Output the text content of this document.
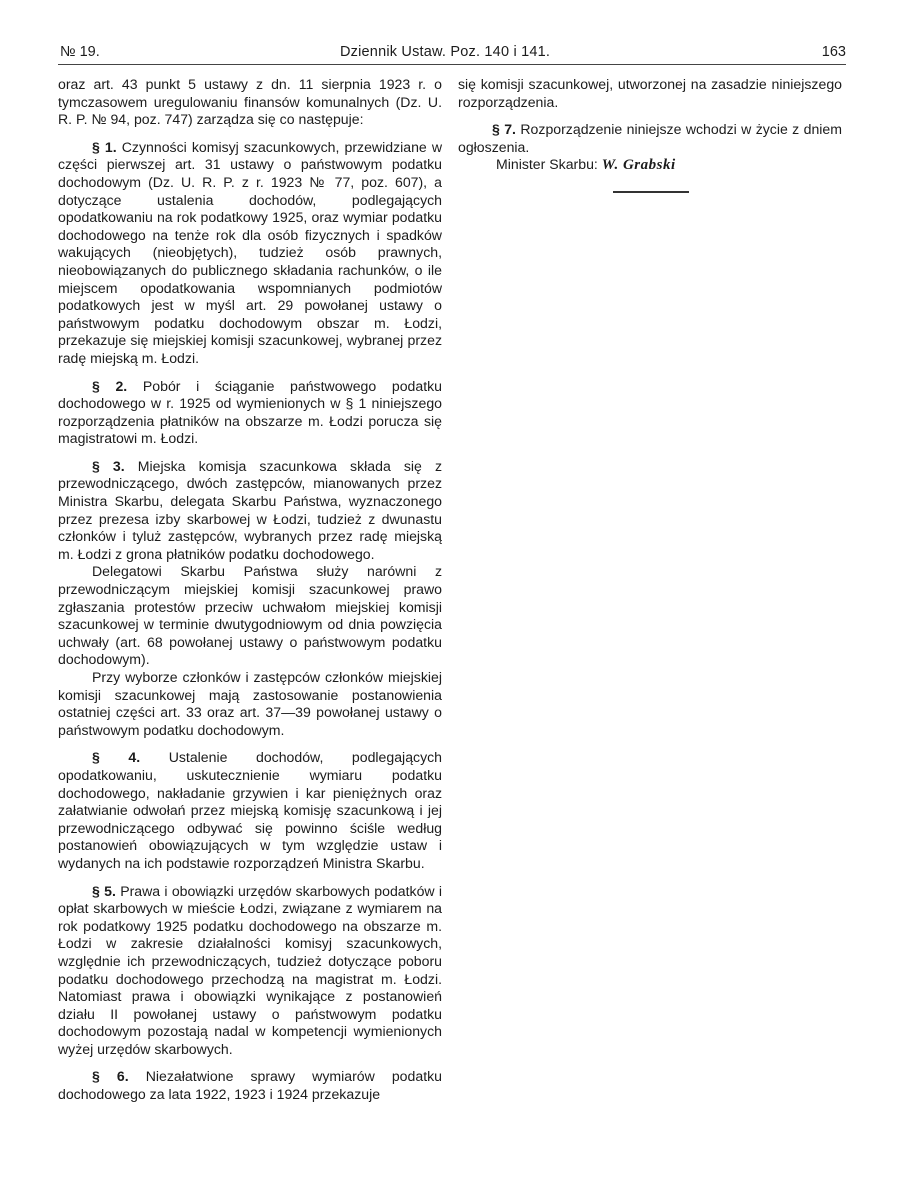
№ 19.	Dziennik Ustaw. Poz. 140 i 141.	163

oraz art. 43 punkt 5 ustawy z dn. 11 sierpnia 1923 r. o tymczasowem uregulowaniu finansów komunalnych (Dz. U. R. P. № 94, poz. 747) zarządza się co następuje:

§ 1. Czynności komisyj szacunkowych, przewidziane w części pierwszej art. 31 ustawy o państwowym podatku dochodowym (Dz. U. R. P. z r. 1923 № 77, poz. 607), a dotyczące ustalenia dochodów, podlegających opodatkowaniu na rok podatkowy 1925, oraz wymiar podatku dochodowego na tenże rok dla osób fizycznych i spadków wakujących (nieobjętych), tudzież osób prawnych, nieobowiązanych do publicznego składania rachunków, o ile miejscem opodatkowania wspomnianych podmiotów podatkowych jest w myśl art. 29 powołanej ustawy o państwowym podatku dochodowym obszar m. Łodzi, przekazuje się miejskiej komisji szacunkowej, wybranej przez radę miejską m. Łodzi.

§ 2. Pobór i ściąganie państwowego podatku dochodowego w r. 1925 od wymienionych w § 1 niniejszego rozporządzenia płatników na obszarze m. Łodzi porucza się magistratowi m. Łodzi.

§ 3. Miejska komisja szacunkowa składa się z przewodniczącego, dwóch zastępców, mianowanych przez Ministra Skarbu, delegata Skarbu Państwa, wyznaczonego przez prezesa izby skarbowej w Łodzi, tudzież z dwunastu członków i tyluż zastępców, wybranych przez radę miejską m. Łodzi z grona płatników podatku dochodowego.

Delegatowi Skarbu Państwa służy narówni z przewodniczącym miejskiej komisji szacunkowej prawo zgłaszania protestów przeciw uchwałom miejskiej komisji szacunkowej w terminie dwutygodniowym od dnia powzięcia uchwały (art. 68 powołanej ustawy o państwowym podatku dochodowym).

Przy wyborze członków i zastępców członków miejskiej komisji szacunkowej mają zastosowanie postanowienia ostatniej części art. 33 oraz art. 37—39 powołanej ustawy o państwowym podatku dochodowym.

§ 4. Ustalenie dochodów, podlegających opodatkowaniu, uskutecznienie wymiaru podatku dochodowego, nakładanie grzywien i kar pieniężnych oraz załatwianie odwołań przez miejską komisję szacunkową i jej przewodniczącego odbywać się powinno ściśle według postanowień obowiązujących w tym względzie ustaw i wydanych na ich podstawie rozporządzeń Ministra Skarbu.

§ 5. Prawa i obowiązki urzędów skarbowych podatków i opłat skarbowych w mieście Łodzi, związane z wymiarem na rok podatkowy 1925 podatku dochodowego na obszarze m. Łodzi w zakresie działalności komisyj szacunkowych, względnie ich przewodniczących, tudzież dotyczące poboru podatku dochodowego przechodzą na magistrat m. Łodzi. Natomiast prawa i obowiązki wynikające z postanowień działu II powołanej ustawy o państwowym podatku dochodowym pozostają nadal w kompetencji wymienionych wyżej urzędów skarbowych.

§ 6. Niezałatwione sprawy wymiarów podatku dochodowego za lata 1922, 1923 i 1924 przekazuje

się komisji szacunkowej, utworzonej na zasadzie niniejszego rozporządzenia.

§ 7. Rozporządzenie niniejsze wchodzi w życie z dniem ogłoszenia.

Minister Skarbu: W. Grabski
